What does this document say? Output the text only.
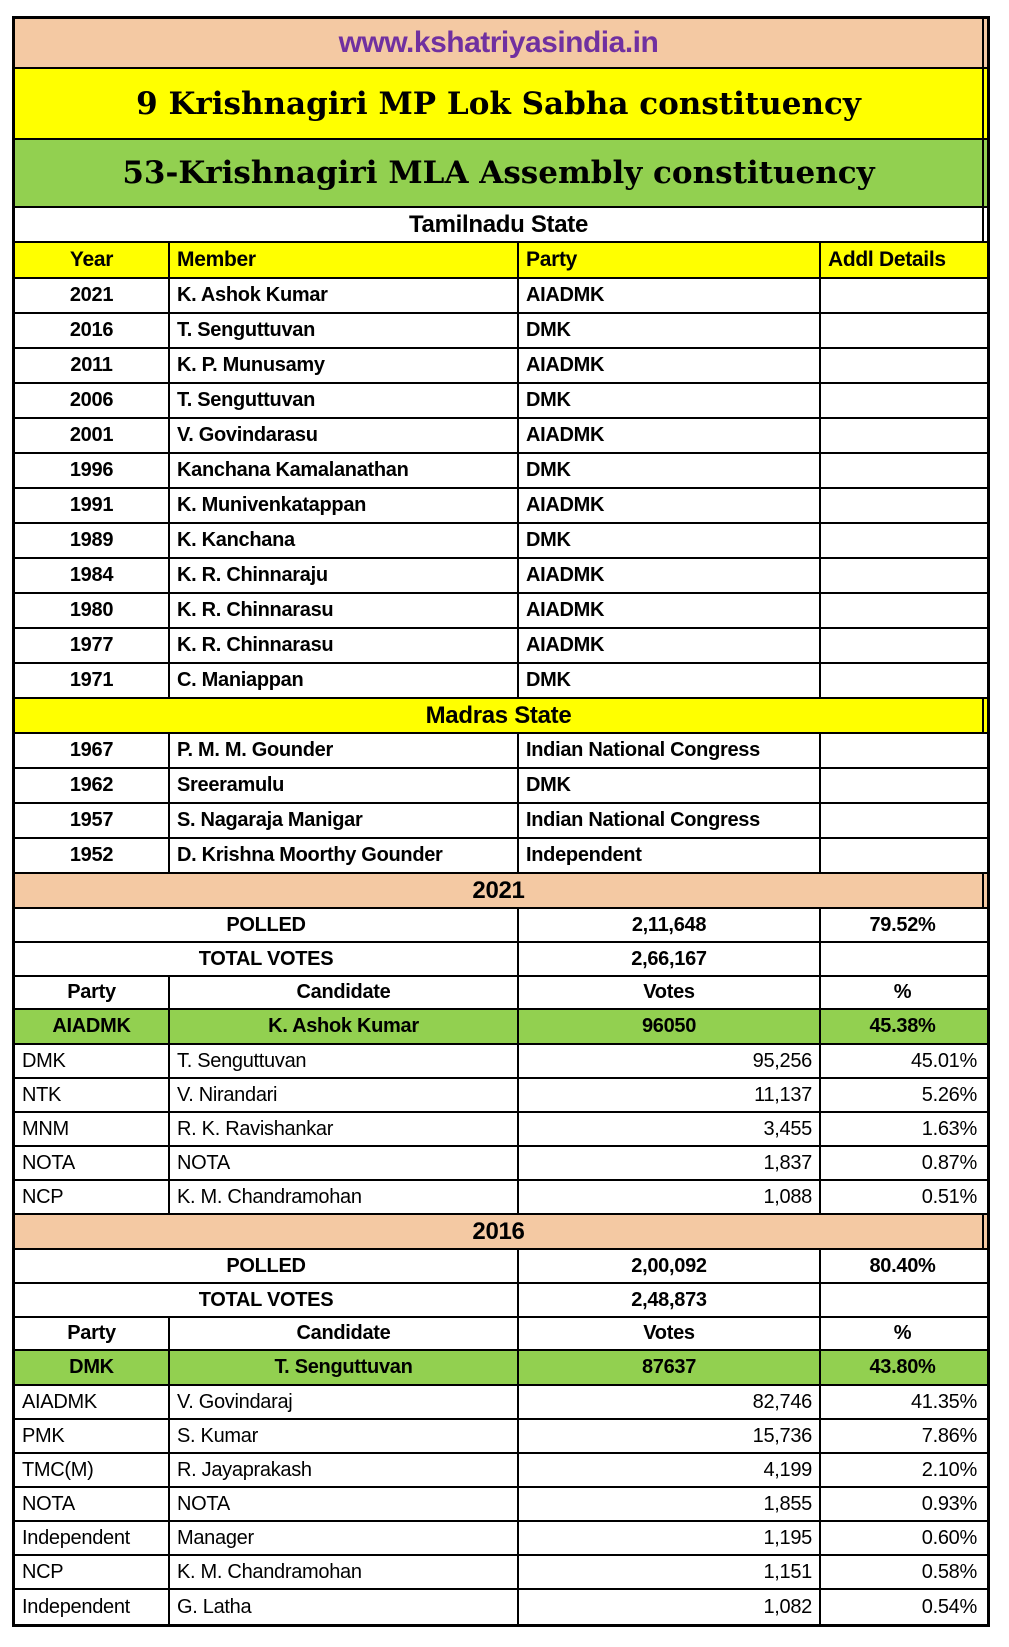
www.kshatriyasindia.in
9 Krishnagiri MP Lok Sabha constituency
53-Krishnagiri MLA Assembly constituency
Tamilnadu State
Year	Member	Party	Addl Details
2021	K. Ashok Kumar	AIADMK
2016	T. Senguttuvan	DMK
2011	K. P. Munusamy	AIADMK
2006	T. Senguttuvan	DMK
2001	V. Govindarasu	AIADMK
1996	Kanchana Kamalanathan	DMK
1991	K. Munivenkatappan	AIADMK
1989	K. Kanchana	DMK
1984	K. R. Chinnaraju	AIADMK
1980	K. R. Chinnarasu	AIADMK
1977	K. R. Chinnarasu	AIADMK
1971	C. Maniappan	DMK
Madras State
1967	P. M. M. Gounder	Indian National Congress
1962	Sreeramulu	DMK
1957	S. Nagaraja Manigar	Indian National Congress
1952	D. Krishna Moorthy Gounder	Independent
2021
POLLED	2,11,648	79.52%
TOTAL VOTES	2,66,167
Party	Candidate	Votes	%
AIADMK	K. Ashok Kumar	96050	45.38%
DMK	T. Senguttuvan	95,256	45.01%
NTK	V. Nirandari	11,137	5.26%
MNM	R. K. Ravishankar	3,455	1.63%
NOTA	NOTA	1,837	0.87%
NCP	K. M. Chandramohan	1,088	0.51%
2016
POLLED	2,00,092	80.40%
TOTAL VOTES	2,48,873
Party	Candidate	Votes	%
DMK	T. Senguttuvan	87637	43.80%
AIADMK	V. Govindaraj	82,746	41.35%
PMK	S. Kumar	15,736	7.86%
TMC(M)	R. Jayaprakash	4,199	2.10%
NOTA	NOTA	1,855	0.93%
Independent	Manager	1,195	0.60%
NCP	K. M. Chandramohan	1,151	0.58%
Independent	G. Latha	1,082	0.54%
